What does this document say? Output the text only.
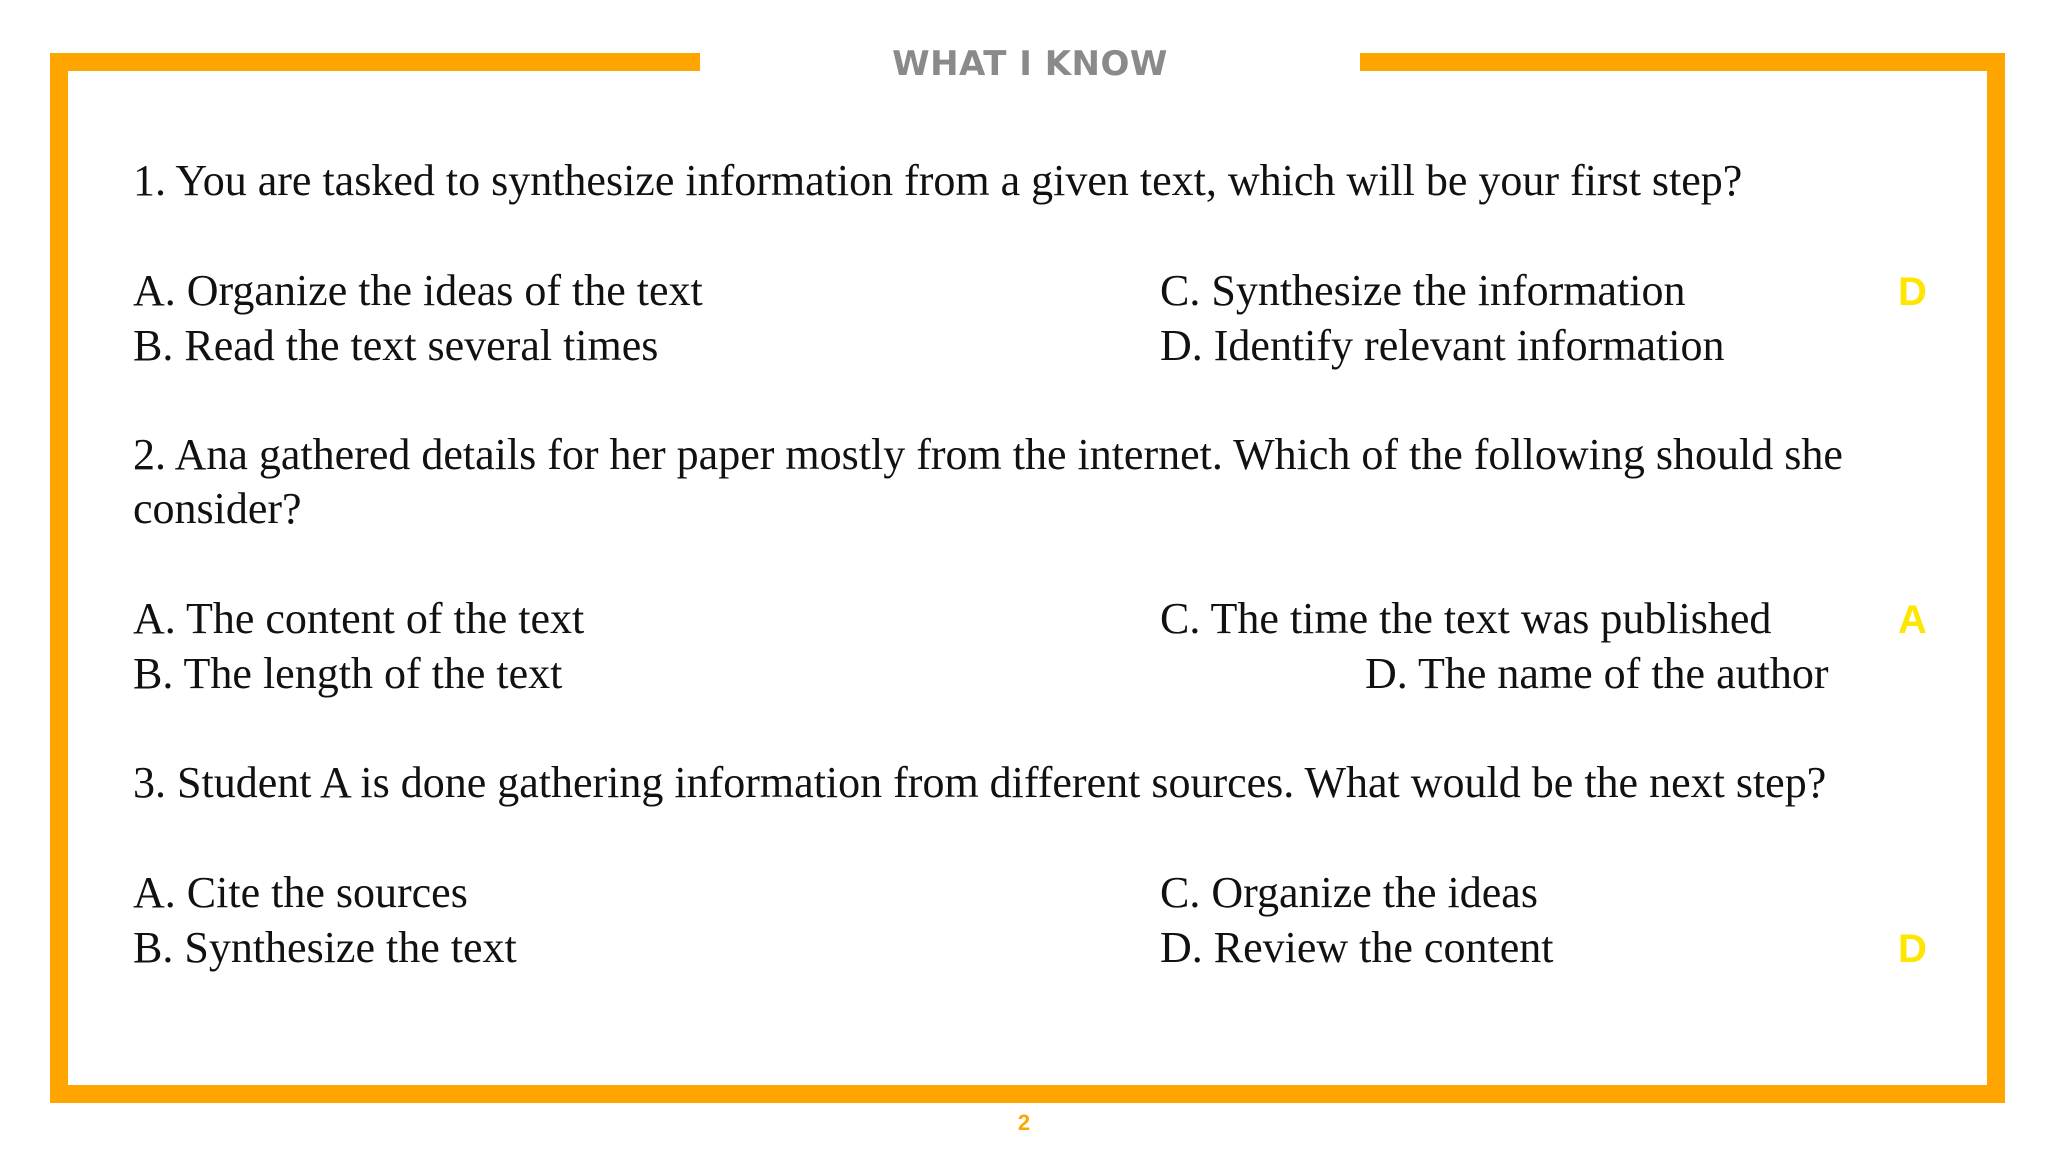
WHAT I KNOW
1. You are tasked to synthesize information from a given text, which will be your first step?
A. Organize the ideas of the text
B. Read the text several times
C. Synthesize the information
D. Identify relevant information
D
2. Ana gathered details for her paper mostly from the internet. Which of the following should she
consider?
A. The content of the text
B. The length of the text
C. The time the text was published
D. The name of the author
A
3. Student A is done gathering information from different sources. What would be the next step?
A. Cite the sources
B. Synthesize the text
C. Organize the ideas
D. Review the content	D
2
